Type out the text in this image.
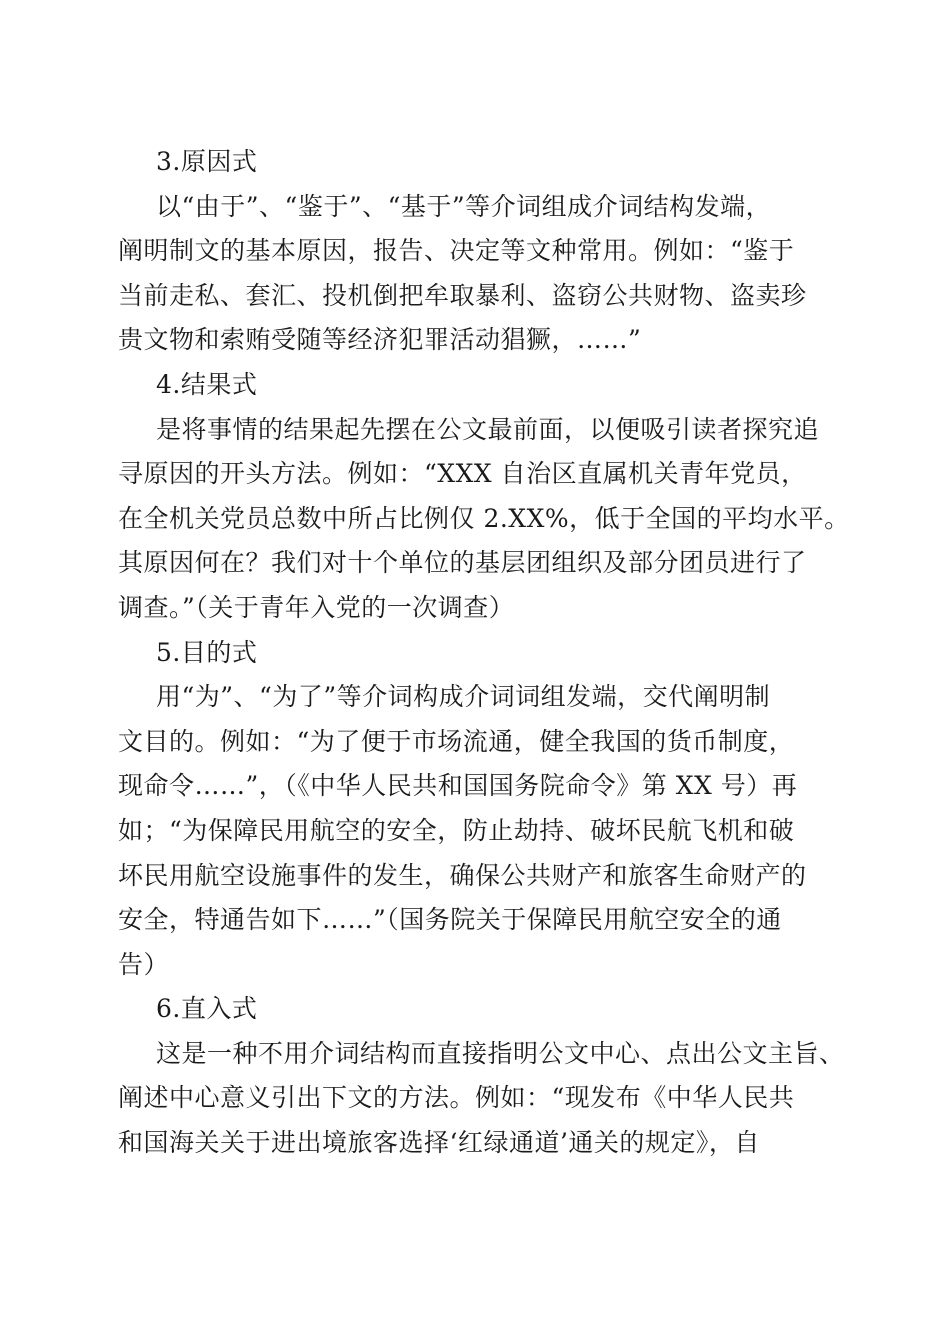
3.原因式

以“由于”、“鉴于”、“基于”等介词组成介词结构发端，

阐明制文的基本原因，报告、决定等文种常用。例如：“鉴于

当前走私、套汇、投机倒把牟取暴利、盗窃公共财物、盗卖珍

贵文物和索贿受随等经济犯罪活动猖獗，……”

4.结果式

是将事情的结果起先摆在公文最前面，以便吸引读者探究追

寻原因的开头方法。例如：“XXX 自治区直属机关青年党员，

在全机关党员总数中所占比例仅 2.XX%，低于全国的平均水平。

其原因何在？我们对十个单位的基层团组织及部分团员进行了

调查。”（关于青年入党的一次调查）

5.目的式

用“为”、“为了”等介词构成介词词组发端，交代阐明制

文目的。例如：“为了便于市场流通，健全我国的货币制度，

现命令……”，（《中华人民共和国国务院命令》第 XX 号）再

如；“为保障民用航空的安全，防止劫持、破坏民航飞机和破

坏民用航空设施事件的发生，确保公共财产和旅客生命财产的

安全，特通告如下……”（国务院关于保障民用航空安全的通

告）

6.直入式

这是一种不用介词结构而直接指明公文中心、点出公文主旨、

阐述中心意义引出下文的方法。例如：“现发布《中华人民共

和国海关关于进出境旅客选择‘红绿通道’通关的规定》，自
